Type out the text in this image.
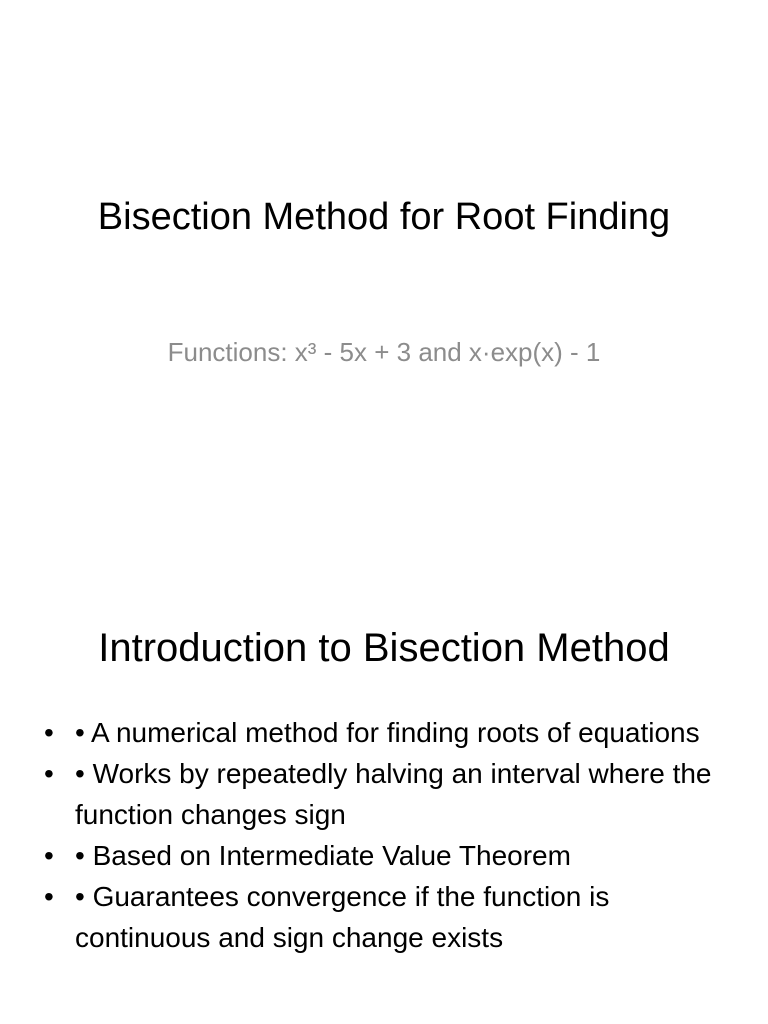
Bisection Method for Root Finding

Functions: x³ - 5x + 3 and x·exp(x) - 1

Introduction to Bisection Method
• • A numerical method for finding roots of equations
• • Works by repeatedly halving an interval where the function changes sign
• • Based on Intermediate Value Theorem
• • Guarantees convergence if the function is continuous and sign change exists
